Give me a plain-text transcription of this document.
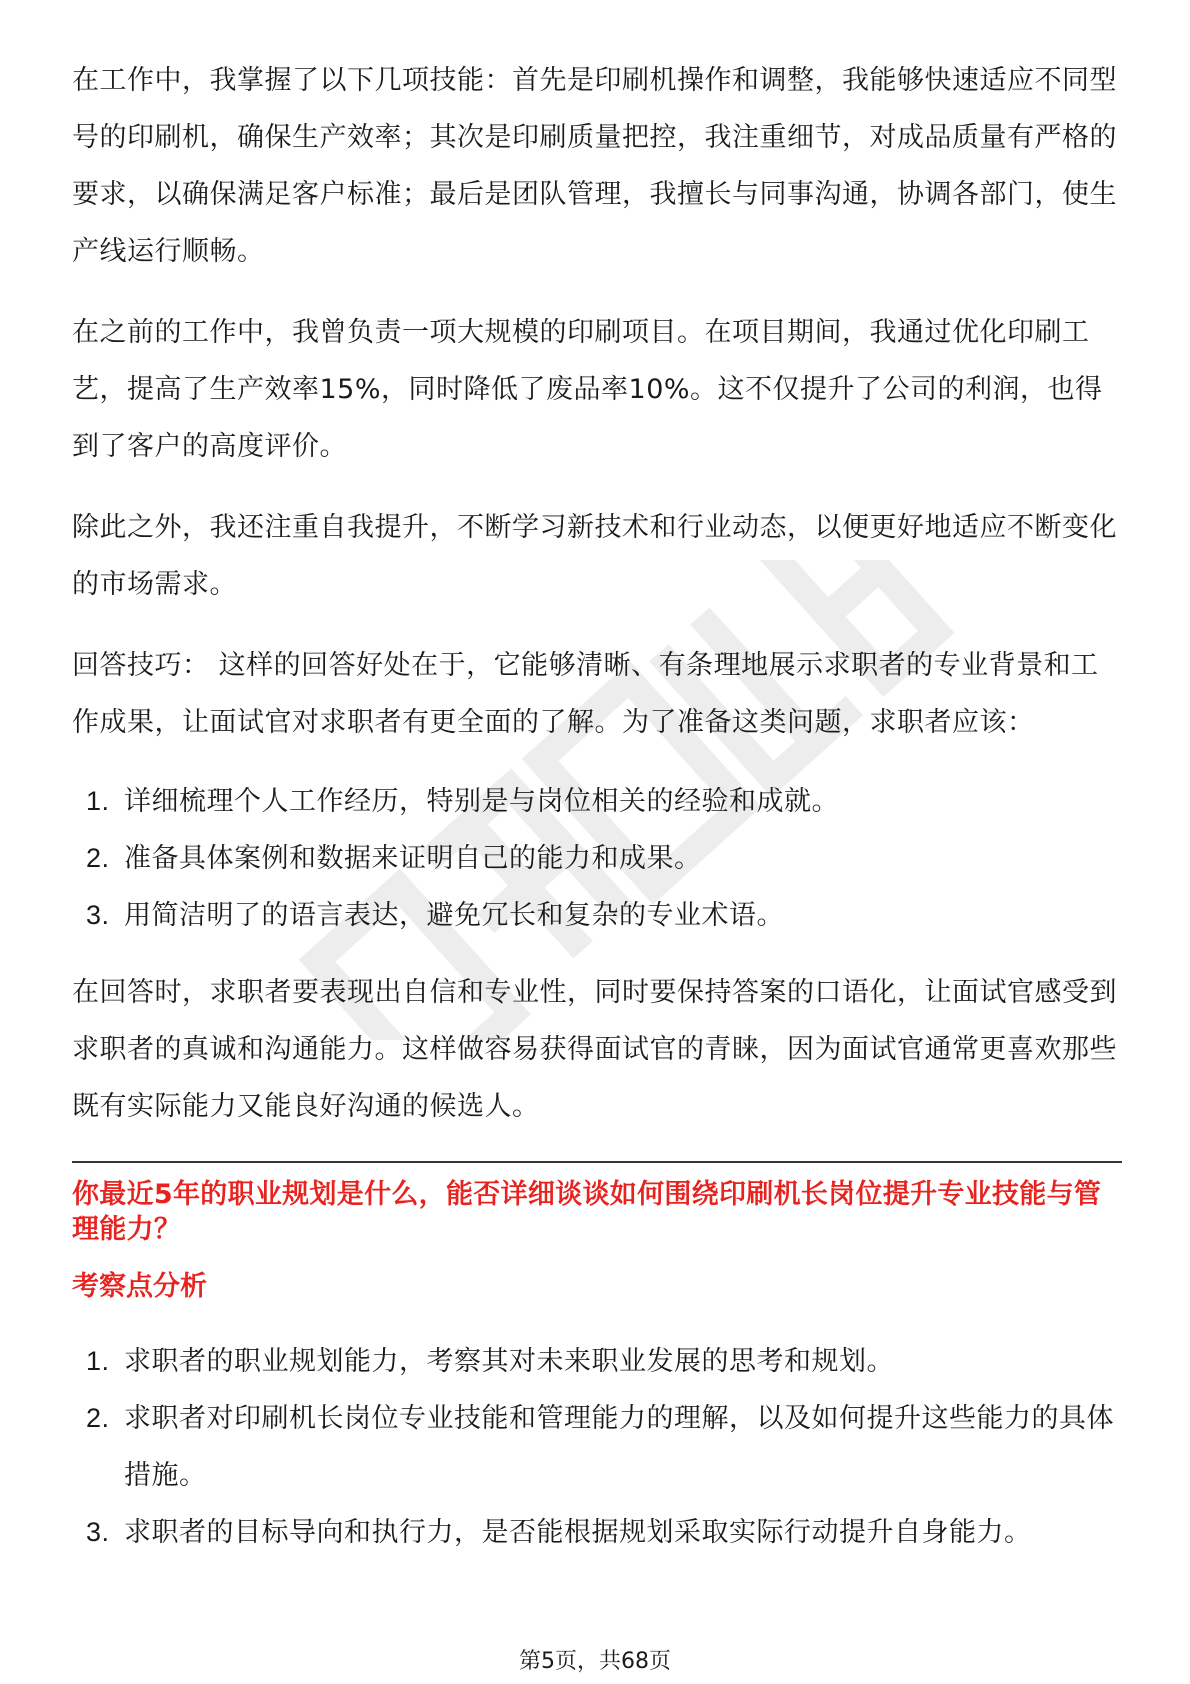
在工作中，我掌握了以下几项技能：首先是印刷机操作和调整，我能够快速适应不同型号的印刷机，确保生产效率；其次是印刷质量把控，我注重细节，对成品质量有严格的要求，以确保满足客户标准；最后是团队管理，我擅长与同事沟通，协调各部门，使生产线运行顺畅。

在之前的工作中，我曾负责一项大规模的印刷项目。在项目期间，我通过优化印刷工艺，提高了生产效率15%，同时降低了废品率10%。这不仅提升了公司的利润，也得到了客户的高度评价。

除此之外，我还注重自我提升，不断学习新技术和行业动态，以便更好地适应不断变化的市场需求。

回答技巧： 这样的回答好处在于，它能够清晰、有条理地展示求职者的专业背景和工作成果，让面试官对求职者有更全面的了解。为了准备这类问题，求职者应该：

1. 详细梳理个人工作经历，特别是与岗位相关的经验和成就。
2. 准备具体案例和数据来证明自己的能力和成果。
3. 用简洁明了的语言表达，避免冗长和复杂的专业术语。

在回答时，求职者要表现出自信和专业性，同时要保持答案的口语化，让面试官感受到求职者的真诚和沟通能力。这样做容易获得面试官的青睐，因为面试官通常更喜欢那些既有实际能力又能良好沟通的候选人。

你最近5年的职业规划是什么，能否详细谈谈如何围绕印刷机长岗位提升专业技能与管理能力？
考察点分析
1. 求职者的职业规划能力，考察其对未来职业发展的思考和规划。
2. 求职者对印刷机长岗位专业技能和管理能力的理解，以及如何提升这些能力的具体措施。
3. 求职者的目标导向和执行力，是否能根据规划采取实际行动提升自身能力。
第5页，共68页
